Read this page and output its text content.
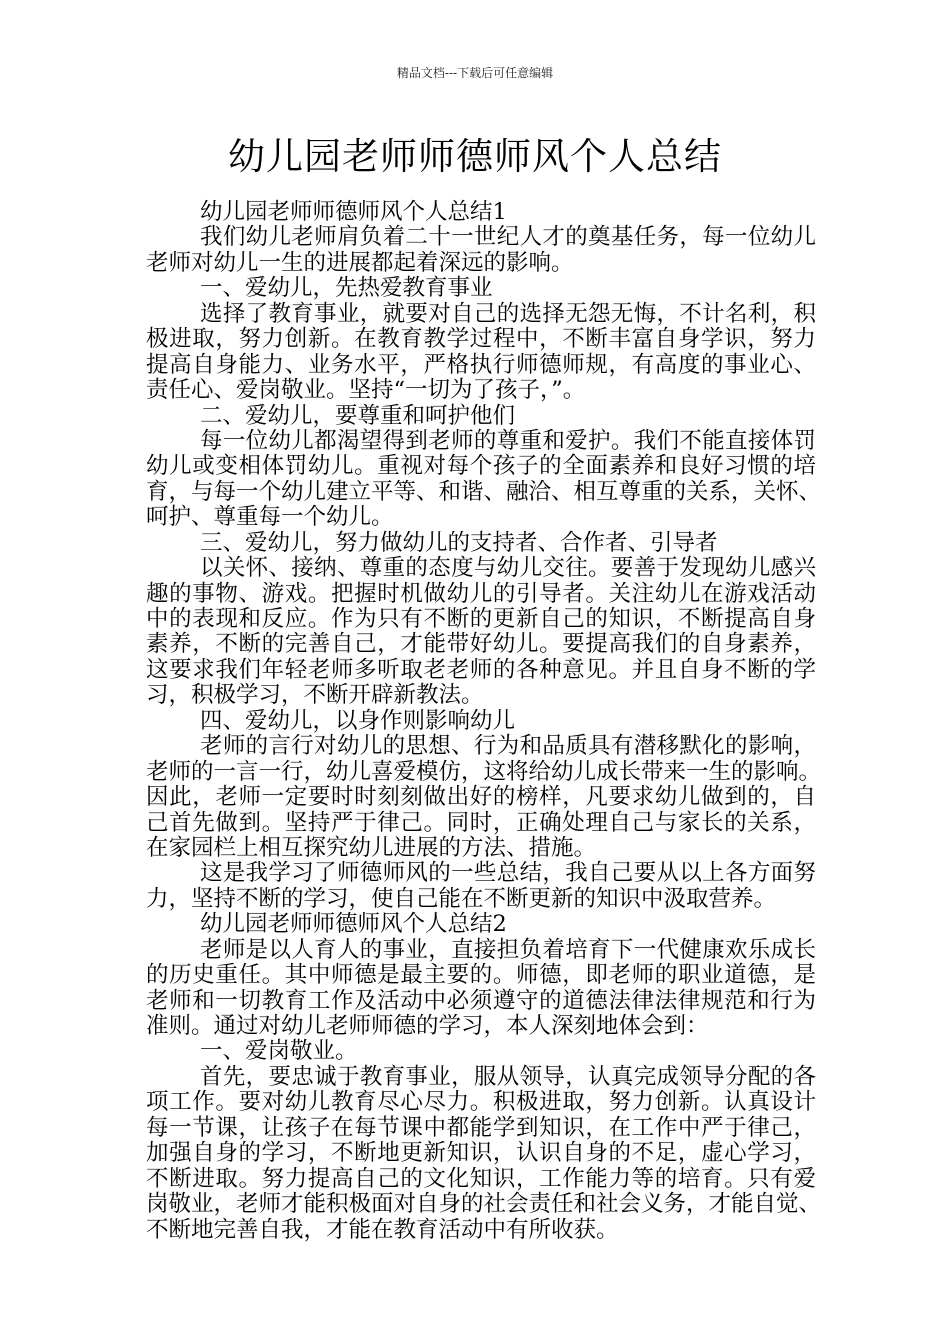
精品文档---下载后可任意编辑
幼儿园老师师德师风个人总结
幼儿园老师师德师风个人总结1
我们幼儿老师肩负着二十一世纪人才的奠基任务，每一位幼儿
老师对幼儿一生的进展都起着深远的影响。
一、爱幼儿，先热爱教育事业
选择了教育事业，就要对自己的选择无怨无悔，不计名利，积
极进取，努力创新。在教育教学过程中，不断丰富自身学识，努力
提高自身能力、业务水平，严格执行师德师规，有高度的事业心、
责任心、爱岗敬业。坚持“一切为了孩子，”。
二、爱幼儿，要尊重和呵护他们
每一位幼儿都渴望得到老师的尊重和爱护。我们不能直接体罚
幼儿或变相体罚幼儿。重视对每个孩子的全面素养和良好习惯的培
育，与每一个幼儿建立平等、和谐、融洽、相互尊重的关系，关怀、
呵护、尊重每一个幼儿。
三、爱幼儿，努力做幼儿的支持者、合作者、引导者
以关怀、接纳、尊重的态度与幼儿交往。要善于发现幼儿感兴
趣的事物、游戏。把握时机做幼儿的引导者。关注幼儿在游戏活动
中的表现和反应。作为只有不断的更新自己的知识，不断提高自身
素养，不断的完善自己，才能带好幼儿。要提高我们的自身素养，
这要求我们年轻老师多听取老老师的各种意见。并且自身不断的学
习，积极学习，不断开辟新教法。
四、爱幼儿，以身作则影响幼儿
老师的言行对幼儿的思想、行为和品质具有潜移默化的影响，
老师的一言一行，幼儿喜爱模仿，这将给幼儿成长带来一生的影响。
因此，老师一定要时时刻刻做出好的榜样，凡要求幼儿做到的，自
己首先做到。坚持严于律己。同时，正确处理自己与家长的关系，
在家园栏上相互探究幼儿进展的方法、措施。
这是我学习了师德师风的一些总结，我自己要从以上各方面努
力，坚持不断的学习，使自己能在不断更新的知识中汲取营养。
幼儿园老师师德师风个人总结2
老师是以人育人的事业，直接担负着培育下一代健康欢乐成长
的历史重任。其中师德是最主要的。师德，即老师的职业道德，是
老师和一切教育工作及活动中必须遵守的道德法律法律规范和行为
准则。通过对幼儿老师师德的学习，本人深刻地体会到：
一、爱岗敬业。
首先，要忠诚于教育事业，服从领导，认真完成领导分配的各
项工作。要对幼儿教育尽心尽力。积极进取，努力创新。认真设计
每一节课，让孩子在每节课中都能学到知识，在工作中严于律己，
加强自身的学习，不断地更新知识，认识自身的不足，虚心学习，
不断进取。努力提高自己的文化知识，工作能力等的培育。只有爱
岗敬业，老师才能积极面对自身的社会责任和社会义务，才能自觉、
不断地完善自我，才能在教育活动中有所收获。
